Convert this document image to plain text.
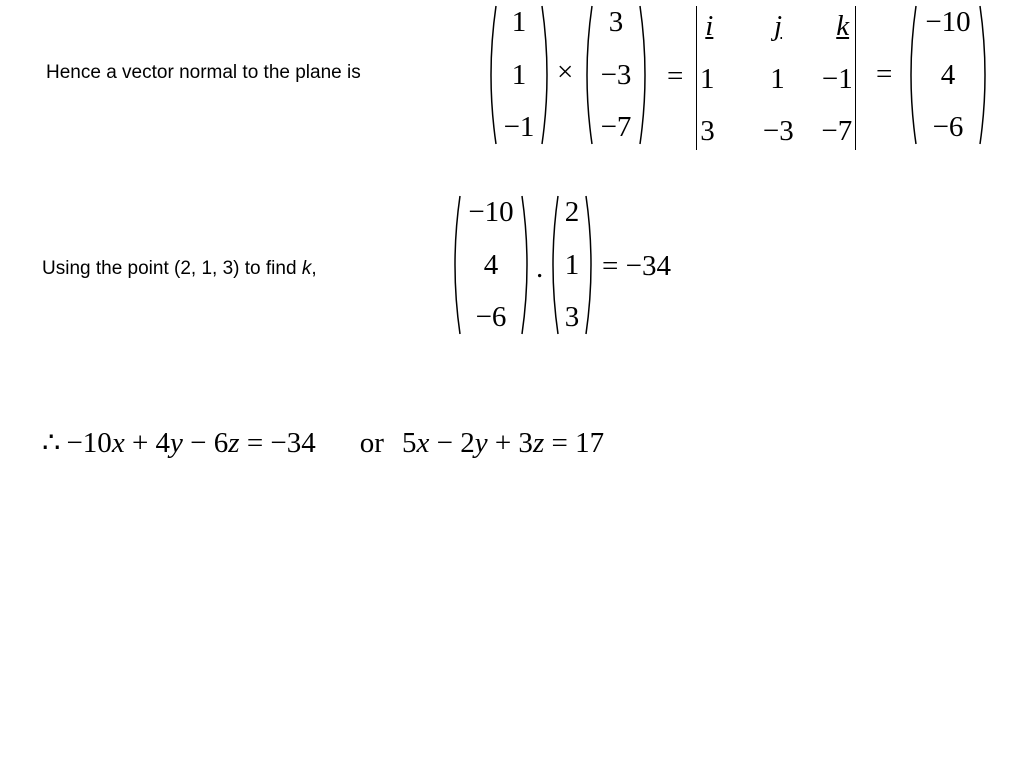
Hence a vector normal to the plane is
1
1
−1
×
3
−3
−7
=
i	j	k
1 1 −1
3 −3 −7
=
−10
4
−6
Using the point (2, 1, 3) to find k,
−10
4
−6
.
2
1
3
= −34
∴ −10x + 4y − 6z = −34 or 5x − 2y + 3z = 17
